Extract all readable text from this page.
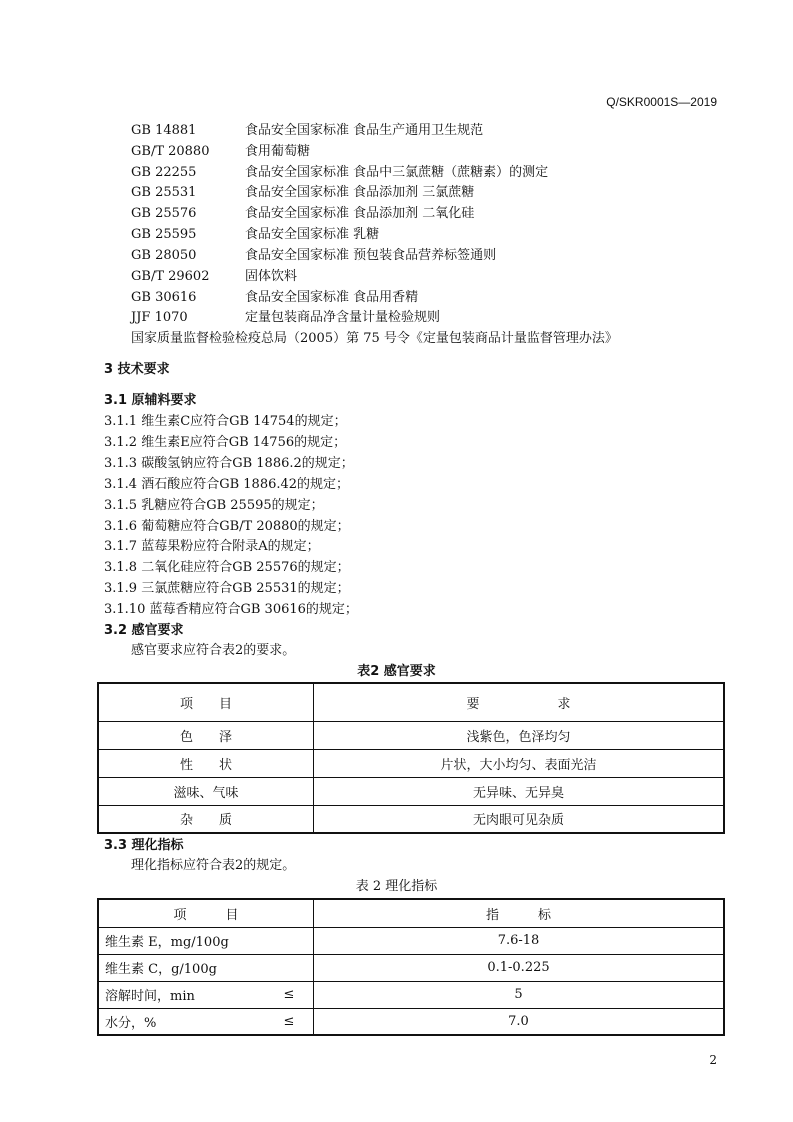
Q/SKR0001S—2019
GB 14881	食品安全国家标准 食品生产通用卫生规范
GB/T 20880	食用葡萄糖
GB 22255	食品安全国家标准 食品中三氯蔗糖（蔗糖素）的测定
GB 25531	食品安全国家标准 食品添加剂 三氯蔗糖
GB 25576	食品安全国家标准 食品添加剂 二氧化硅
GB 25595	食品安全国家标准 乳糖
GB 28050	食品安全国家标准 预包装食品营养标签通则
GB/T 29602	固体饮料
GB 30616	食品安全国家标准 食品用香精
JJF 1070	定量包装商品净含量计量检验规则
国家质量监督检验检疫总局（2005）第 75 号令《定量包装商品计量监督管理办法》
3 技术要求
3.1 原辅料要求
3.1.1 维生素C应符合GB 14754的规定；
3.1.2 维生素E应符合GB 14756的规定；
3.1.3 碳酸氢钠应符合GB 1886.2的规定；
3.1.4 酒石酸应符合GB 1886.42的规定；
3.1.5 乳糖应符合GB 25595的规定；
3.1.6 葡萄糖应符合GB/T 20880的规定；
3.1.7 蓝莓果粉应符合附录A的规定；
3.1.8 二氧化硅应符合GB 25576的规定；
3.1.9 三氯蔗糖应符合GB 25531的规定；
3.1.10 蓝莓香精应符合GB 30616的规定；
3.2 感官要求
感官要求应符合表2的要求。
表2 感官要求
项　　目	要　　　　　　求
色　　泽	浅紫色，色泽均匀
性　　状	片状，大小均匀、表面光洁
滋味、气味	无异味、无异臭
杂　　质	无肉眼可见杂质
3.3 理化指标
理化指标应符合表2的规定。
表 2 理化指标
项　　　目		指　　　标
维生素 E，mg/100g		7.6-18
维生素 C，g/100g		0.1-0.225
溶解时间，min	≤	5
水分，%	≤	7.0
2
